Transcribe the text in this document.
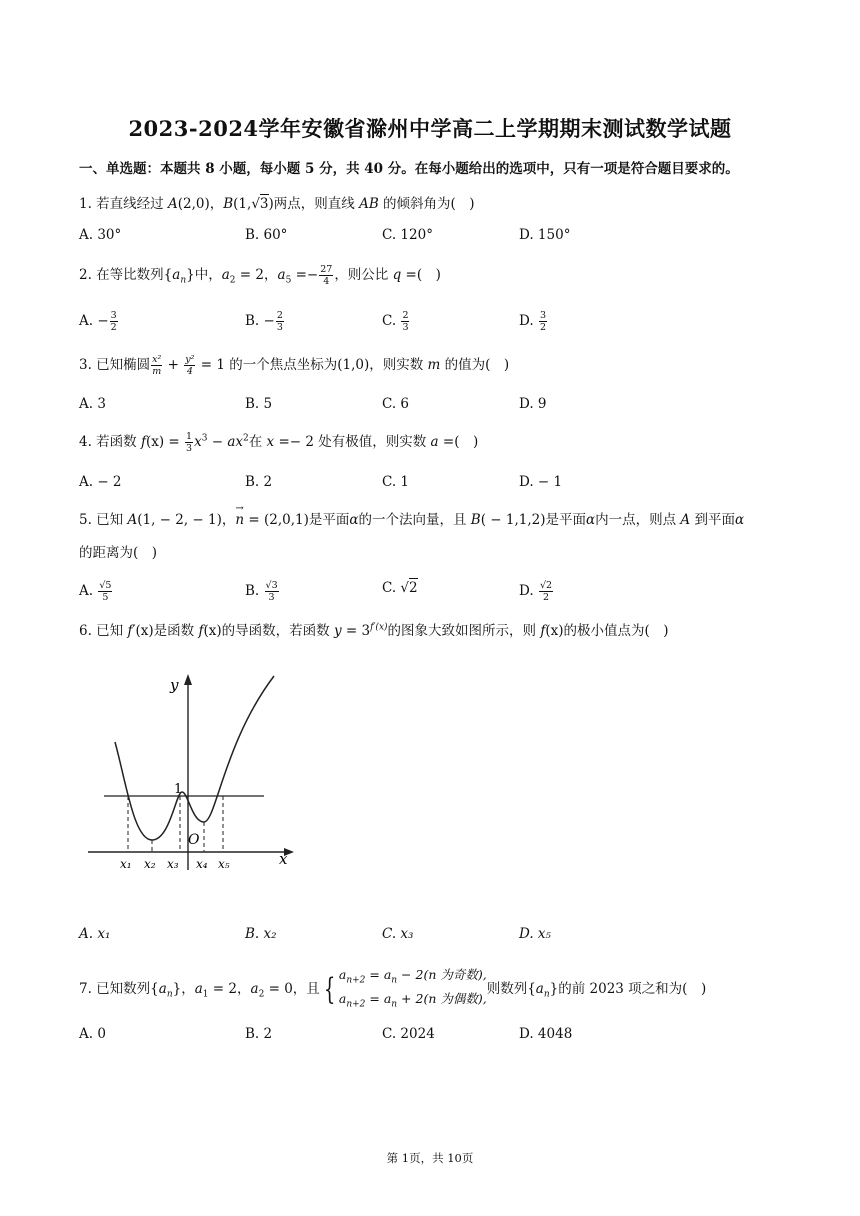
2023-2024学年安徽省滁州中学高二上学期期末测试数学试题
一、单选题：本题共 8 小题，每小题 5 分，共 40 分。在每小题给出的选项中，只有一项是符合题目要求的。
1. 若直线经过 A(2,0)，B(1,√3)两点，则直线 AB 的倾斜角为(　)
A. 30°	B. 60°	C. 120°	D. 150°
2. 在等比数列$\{a_n\}$中，$a_2 = 2$，$a_5 =- \frac{27}{4}$ ，则公比 q =(　)
A. − $\frac{3}{2}$	B. − $\frac{2}{3}$	C. $\frac{2}{3}$	D. $\frac{3}{2}$
3. 已知椭圆 $\frac{\text{x²}}{m} + \frac{\text{y²}}{4} = 1$ 的一个焦点坐标为(1,0)，则实数 m 的值为(　)
A. 3	B. 5	C. 6	D. 9
4. 若函数 $f(x) = \frac{1}{3} x^3 - ax^2$在 x =− 2 处有极值，则实数 a =(　)
A. − 2	B. 2	C. 1	D. − 1
5. 已知 A(1, − 2, − 1)，
→
n = (2,0,1)是平面α的一个法向量，且 B( − 1,1,2)是平面α内一点，则点 A 到平面α
的距离为(　)
A. $\frac{√5}{5}$	B. $\frac{√3}{3}$	C. √2	D. $\frac{√2}{2}$
6. 已知 f′(x)是函数 f(x)的导函数，若函数 $y = 3^{f'(x)}$的图象大致如图所示，则 f(x)的极小值点为(　)
y
x
1
O
x₁ x₂ x₃ x₄ x₅
A. x₁	B. x₂	C. x₃	D. x₅
7. 已知数列$\{a_n\}$，$a_1 = 2$，$a_2 = 0$，且 { $a_{n+2} = a_n - 2(n$ 为奇数),
$a_{n+2} = a_n + 2(n$ 为偶数),
则数列$\{a_n\}$的前 2023 项之和为(　)
A. 0	B. 2	C. 2024	D. 4048
第 1页，共 10页
